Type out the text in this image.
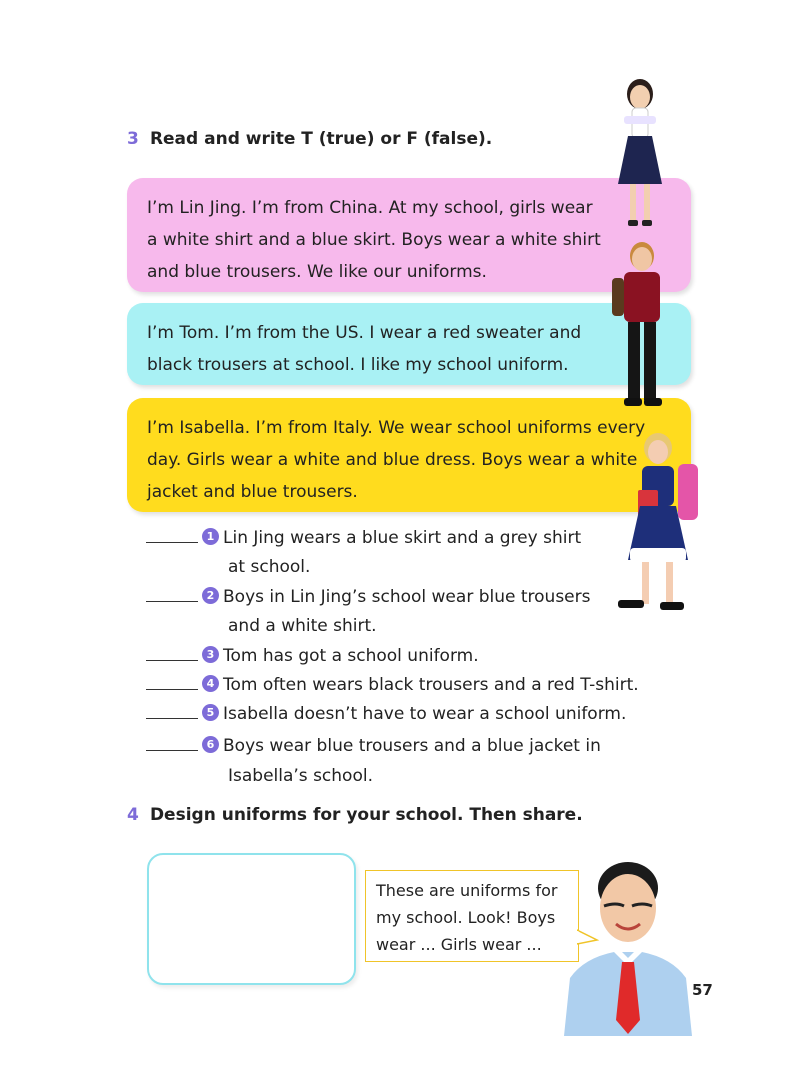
3 Read and write T (true) or F (false).
I’m Lin Jing. I’m from China. At my school, girls wear
a white shirt and a blue skirt. Boys wear a white shirt
and blue trousers. We like our uniforms.
I’m Tom. I’m from the US. I wear a red sweater and
black trousers at school. I like my school uniform.
I’m Isabella. I’m from Italy. We wear school uniforms every
day. Girls wear a white and blue dress. Boys wear a white
jacket and blue trousers.
1 Lin Jing wears a blue skirt and a grey shirt
at school.
2 Boys in Lin Jing’s school wear blue trousers
and a white shirt.
3 Tom has got a school uniform.
4 Tom often wears black trousers and a red T-shirt.
5 Isabella doesn’t have to wear a school uniform.
6 Boys wear blue trousers and a blue jacket in
Isabella’s school.
4 Design uniforms for your school. Then share.
These are uniforms for
my school. Look! Boys
wear ... Girls wear ...
57
